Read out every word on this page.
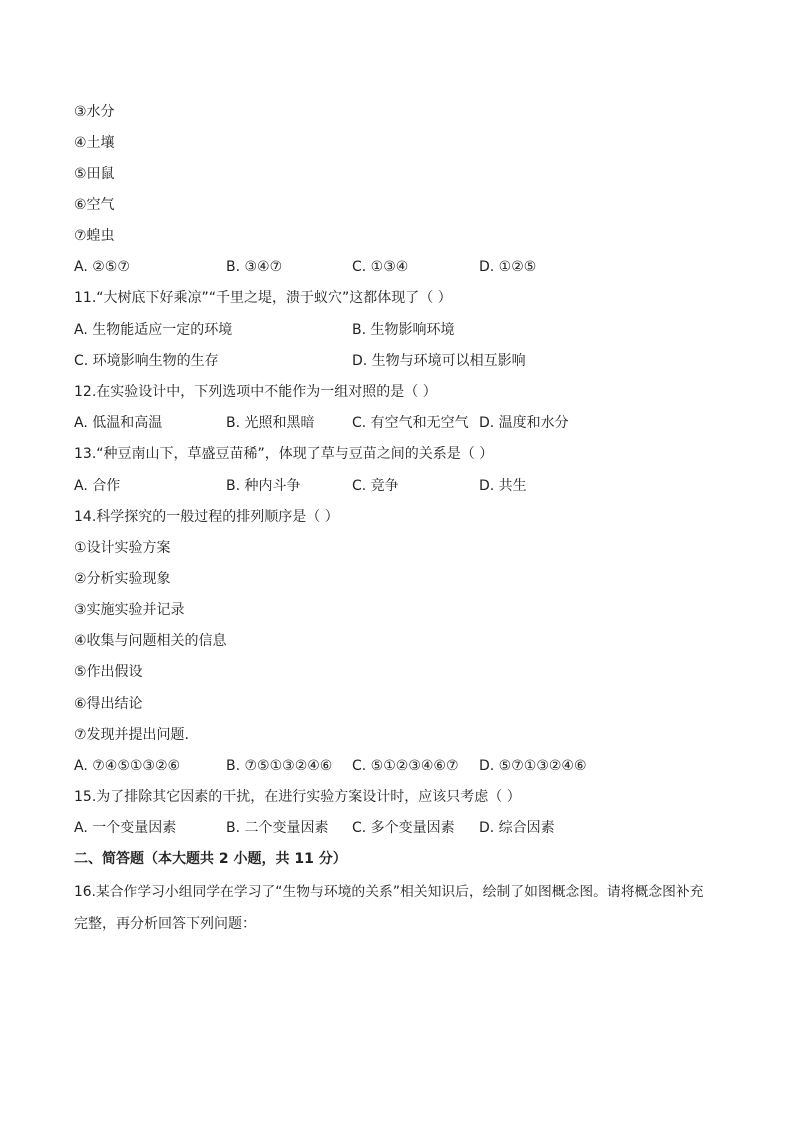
③水分
④土壤
⑤田鼠
⑥空气
⑦蝗虫
A. ②⑤⑦	B. ③④⑦	C. ①③④	D. ①②⑤
11.“大树底下好乘凉”“千里之堤，溃于蚁穴”这都体现了（ ）
A. 生物能适应一定的环境	B. 生物影响环境
C. 环境影响生物的生存	D. 生物与环境可以相互影响
12.在实验设计中，下列选项中不能作为一组对照的是（ ）
A. 低温和高温	B. 光照和黑暗	C. 有空气和无空气 D. 温度和水分
13.“种豆南山下，草盛豆苗稀”，体现了草与豆苗之间的关系是（ ）
A. 合作	B. 种内斗争	C. 竞争	D. 共生
14.科学探究的一般过程的排列顺序是（ ）
①设计实验方案
②分析实验现象
③实施实验并记录
④收集与问题相关的信息
⑤作出假设
⑥得出结论
⑦发现并提出问题.
A. ⑦④⑤①③②⑥	B. ⑦⑤①③②④⑥ C. ⑤①②③④⑥⑦ D. ⑤⑦①③②④⑥
15.为了排除其它因素的干扰，在进行实验方案设计时，应该只考虑（ ）
A. 一个变量因素	B. 二个变量因素 C. 多个变量因素 D. 综合因素
二、简答题（本大题共 2 小题，共 11 分）
16.某合作学习小组同学在学习了“生物与环境的关系”相关知识后，绘制了如图概念图。请将概念图补充
完整，再分析回答下列问题：
